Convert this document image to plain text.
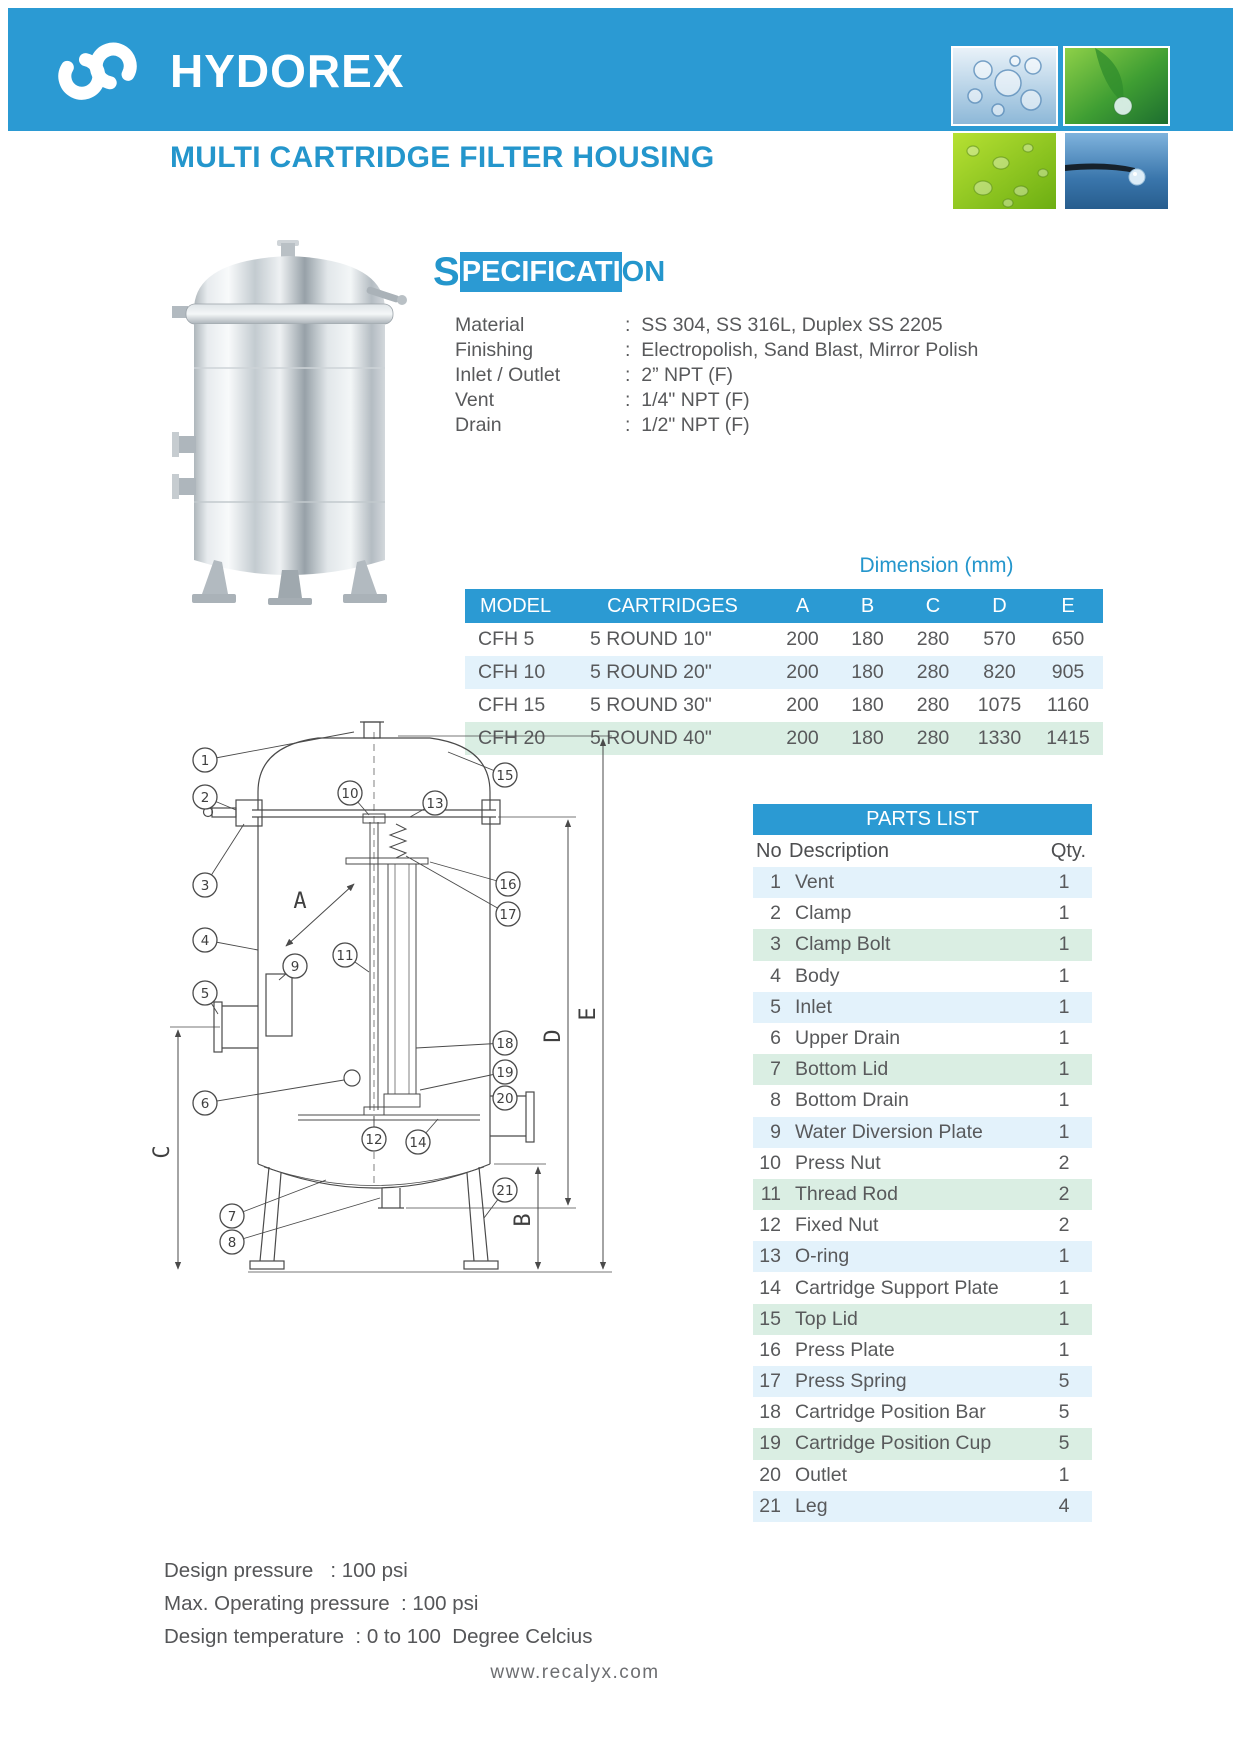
HYDOREX
MULTI CARTRIDGE FILTER HOUSING
SPECIFICATION
Material	:  SS 304, SS 316L, Duplex SS 2205
Finishing	:  Electropolish, Sand Blast, Mirror Polish
Inlet / Outlet	:  2” NPT (F)
Vent	:  1/4" NPT (F)
Drain	:  1/2" NPT (F)
Dimension (mm)
MODEL	CARTRIDGES	A	B	C	D	E
CFH 5	5 ROUND 10"	200	180	280	570	650
CFH 10	5 ROUND 20"	200	180	280	820	905
CFH 15	5 ROUND 30"	200	180	280	1075	1160
CFH 20	5 ROUND 40"	200	180	280	1330	1415
A
B
C
D
E
1
2
3
4
5
6
7
8
9
10
11
12
13
14
15
16
17
18
19
20
21
PARTS LIST
No Description	Qty.
1 Vent	1
2 Clamp	1
3 Clamp Bolt	1
4 Body	1
5 Inlet	1
6 Upper Drain	1
7 Bottom Lid	1
8 Bottom Drain	1
9 Water Diversion Plate	1
10 Press Nut	2
11 Thread Rod	2
12 Fixed Nut	2
13 O-ring	1
14 Cartridge Support Plate	1
15 Top Lid	1
16 Press Plate	1
17 Press Spring	5
18 Cartridge Position Bar	5
19 Cartridge Position Cup	5
20 Outlet	1
21 Leg	4

Design pressure   : 100 psi
Max. Operating pressure  : 100 psi
Design temperature  : 0 to 100  Degree Celcius
www.recalyx.com
